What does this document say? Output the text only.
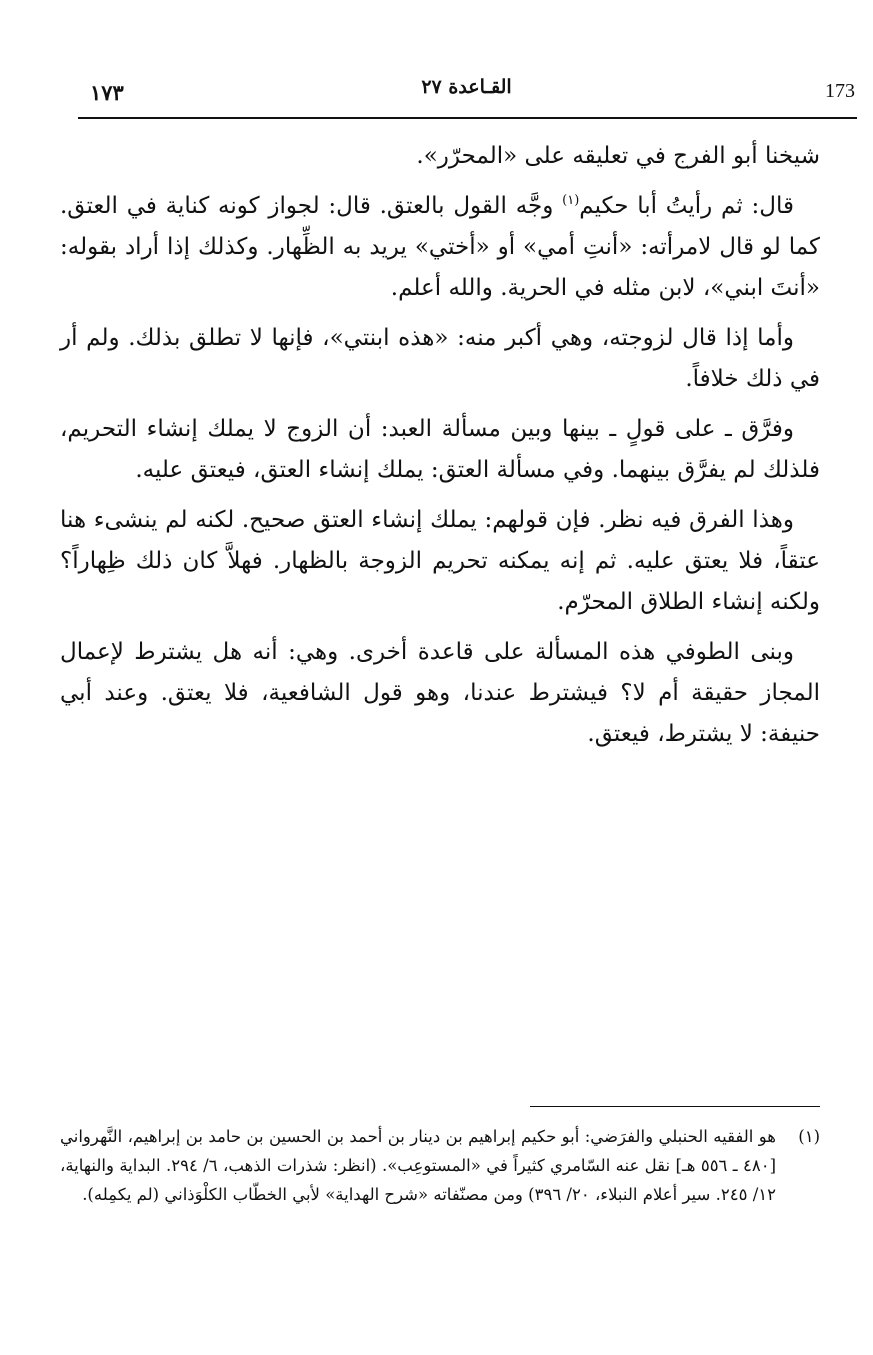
173
القـاعدة ٢٧
١٧٣

شيخنا أبو الفرج في تعليقه على «المحرّر».

قال: ثم رأيتُ أبا حكيم$^{(١)}$ وجَّه القول بالعتق. قال: لجواز كونه كناية في العتق. كما لو قال لامرأته: «أنتِ أمي» أو «أختي» يريد به الظِّهار. وكذلك إذا أراد بقوله: «أنتَ ابني»، لابن مثله في الحرية. والله أعلم.

وأما إذا قال لزوجته، وهي أكبر منه: «هذه ابنتي»، فإنها لا تطلق بذلك. ولم أر في ذلك خلافاً.

وفرَّق ـ على قولٍ ـ بينها وبين مسألة العبد: أن الزوج لا يملك إنشاء التحريم، فلذلك لم يفرَّق بينهما. وفي مسألة العتق: يملك إنشاء العتق، فيعتق عليه.

وهذا الفرق فيه نظر. فإن قولهم: يملك إنشاء العتق صحيح. لكنه لم ينشىء هنا عتقاً، فلا يعتق عليه. ثم إنه يمكنه تحريم الزوجة بالظهار. فهلاَّ كان ذلك ظِهاراً؟ ولكنه إنشاء الطلاق المحرّم.

وبنى الطوفي هذه المسألة على قاعدة أخرى. وهي: أنه هل يشترط لإعمال المجاز حقيقة أم لا؟ فيشترط عندنا، وهو قول الشافعية، فلا يعتق. وعند أبي حنيفة: لا يشترط، فيعتق.

(١)
هو الفقيه الحنبلي والفرَضي: أبو حكيم إبراهيم بن دينار بن أحمد بن الحسين بن حامد بن إبراهيم، النَّهرواني [٤٨٠ ـ ٥٥٦ هـ] نقل عنه السّامري كثيراً في «المستوعِب». (انظر: شذرات الذهب، ٦/ ٢٩٤. البداية والنهاية، ١٢/ ٢٤٥. سير أعلام النبلاء، ٢٠/ ٣٩٦) ومن مصنّفاته «شرح الهداية» لأبي الخطّاب الكلْوَذاني (لم يكمِله).
